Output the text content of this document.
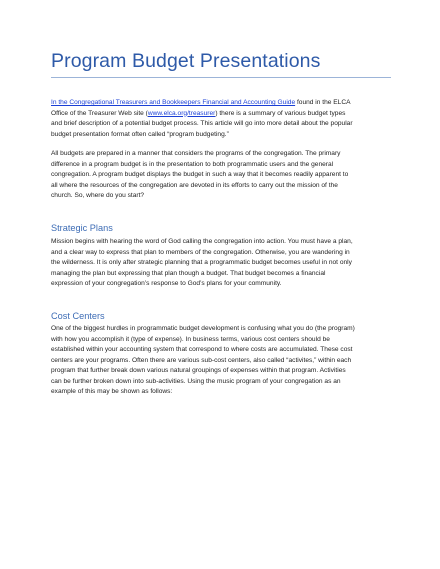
Program Budget Presentations
In the Congregational Treasurers and Bookkeepers Financial and Accounting Guide found in the ELCA
Office of the Treasurer Web site (www.elca.org/treasurer) there is a summary of various budget types
and brief description of a potential budget process. This article will go into more detail about the popular
budget presentation format often called “program budgeting.”
All budgets are prepared in a manner that considers the programs of the congregation. The primary
difference in a program budget is in the presentation to both programmatic users and the general
congregation. A program budget displays the budget in such a way that it becomes readily apparent to
all where the resources of the congregation are devoted in its efforts to carry out the mission of the
church. So, where do you start?
Strategic Plans
Mission begins with hearing the word of God calling the congregation into action. You must have a plan,
and a clear way to express that plan to members of the congregation. Otherwise, you are wandering in
the wilderness. It is only after strategic planning that a programmatic budget becomes useful in not only
managing the plan but expressing that plan though a budget. That budget becomes a financial
expression of your congregation’s response to God’s plans for your community.
Cost Centers
One of the biggest hurdles in programmatic budget development is confusing what you do (the program)
with how you accomplish it (type of expense). In business terms, various cost centers should be
established within your accounting system that correspond to where costs are accumulated. These cost
centers are your programs. Often there are various sub-cost centers, also called “activites,” within each
program that further break down various natural groupings of expenses within that program. Activities
can be further broken down into sub-activities. Using the music program of your congregation as an
example of this may be shown as follows:
